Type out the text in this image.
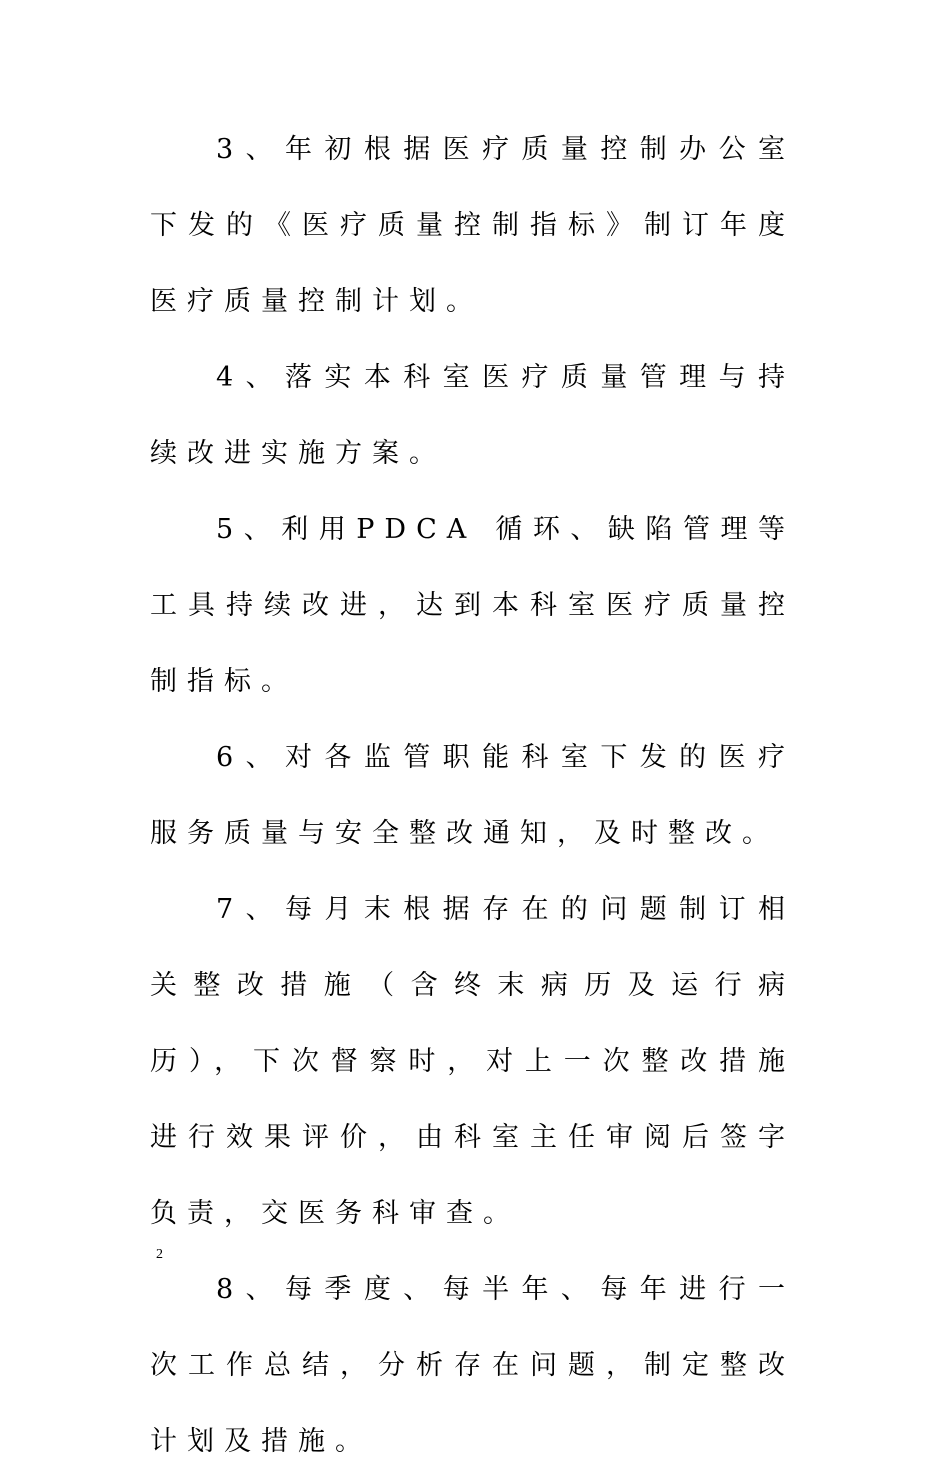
3、年初根据医疗质量控制办公室下发的《医疗质量控制指标》制订年度医疗质量控制计划。

4、落实本科室医疗质量管理与持续改进实施方案。

5、利用PDCA 循环、缺陷管理等工具持续改进，达到本科室医疗质量控制指标。

6、对各监管职能科室下发的医疗服务质量与安全整改通知，及时整改。

7、每月末根据存在的问题制订相关整改措施（含终末病历及运行病历），下次督察时，对上一次整改措施进行效果评价，由科室主任审阅后签字负责，交医务科审查。

8、每季度、每半年、每年进行一次工作总结，分析存在问题，制定整改计划及措施。

2
